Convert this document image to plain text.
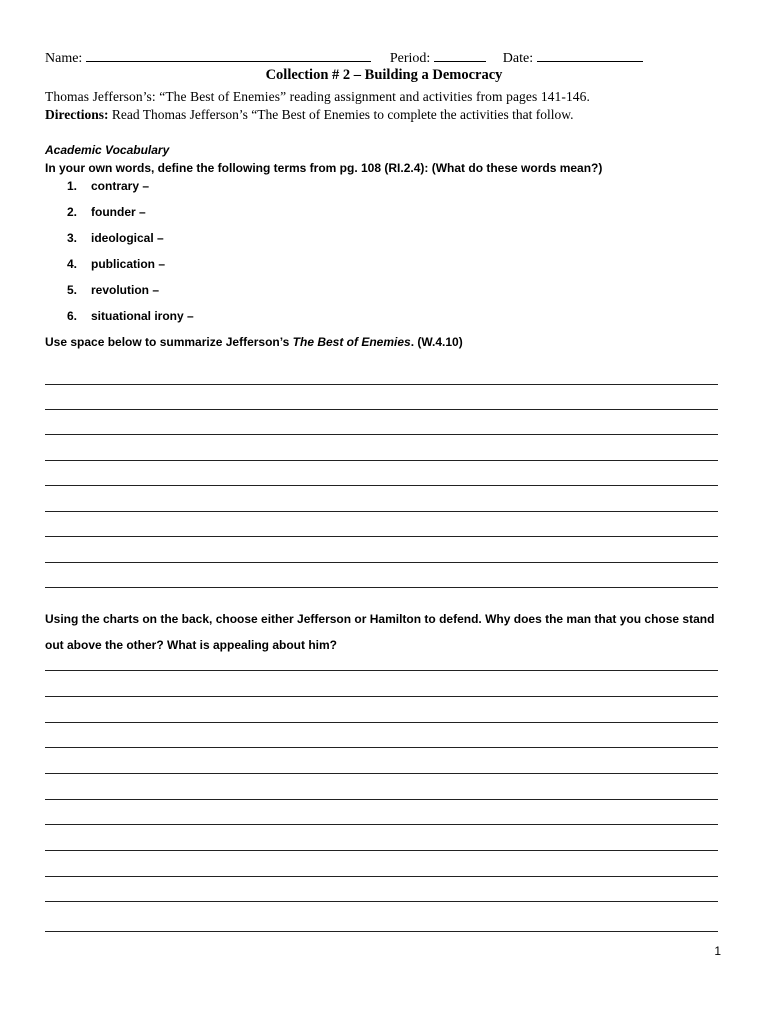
Name:	Period:	Date:
Collection # 2 – Building a Democracy
Thomas Jefferson’s: “The Best of Enemies” reading assignment and activities from pages 141-146.
Directions: Read Thomas Jefferson’s “The Best of Enemies to complete the activities that follow.
Academic Vocabulary
In your own words, define the following terms from pg. 108 (RI.2.4): (What do these words mean?)
1. contrary –
2. founder –
3. ideological –
4. publication –
5. revolution –
6. situational irony –
Use space below to summarize Jefferson’s The Best of Enemies. (W.4.10)
Using the charts on the back, choose either Jefferson or Hamilton to defend. Why does the man that you chose stand out above the other? What is appealing about him?
1
